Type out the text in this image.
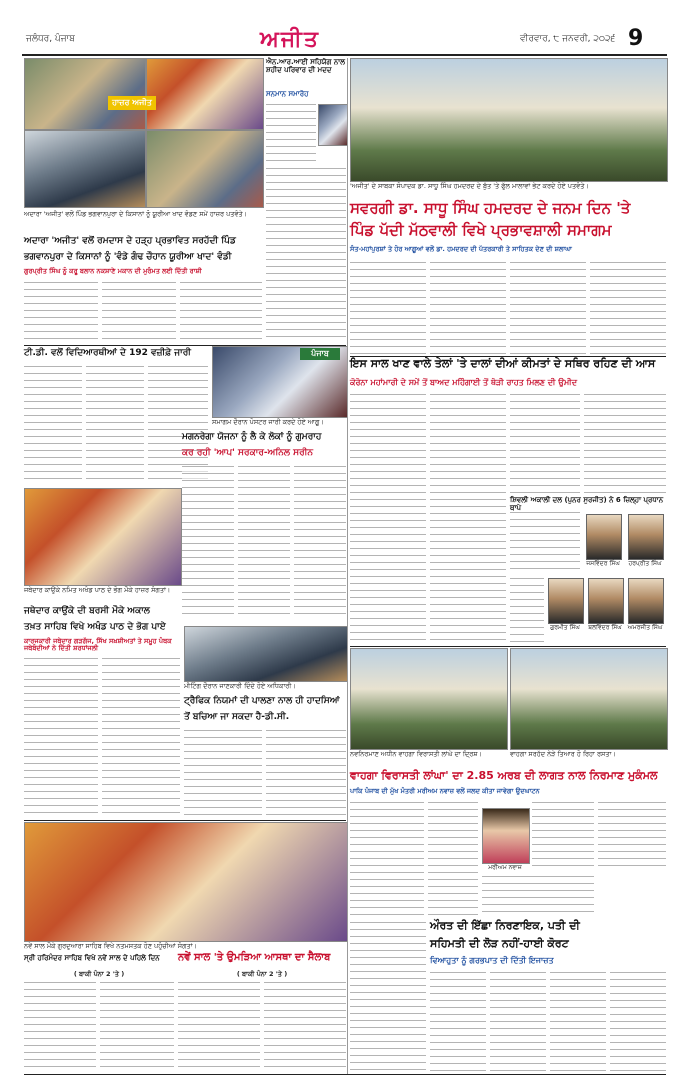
ਜਲੰਧਰ, ਪੰਜਾਬ	ਅਜੀਤ	ਵੀਰਵਾਰ, ੮ ਜਨਵਰੀ, ੨੦੨੬ 9
ਹਾਜ਼ਰ ਅਜੀਤ
ਅਦਾਰਾ 'ਅਜੀਤ' ਵਲੋਂ ਪਿੰਡ ਭਗਵਾਨਪੁਰਾ ਦੇ ਕਿਸਾਨਾਂ ਨੂੰ ਯੂਰੀਆ ਖਾਦ ਵੰਡਣ ਸਮੇਂ ਹਾਜ਼ਰ ਪਤਵੰਤੇ।
ਐਨ.ਆਰ.ਆਈ ਸਹਿਯੋਗ ਨਾਲ ਸ਼ਹੀਦ ਪਰਿਵਾਰ ਦੀ ਮਦਦ
ਸਨਮਾਨ ਸਮਾਰੋਹ
'ਅਜੀਤ' ਦੇ ਸਾਬਕਾ ਸੰਪਾਦਕ ਡਾ. ਸਾਧੂ ਸਿੰਘ ਹਮਦਰਦ ਦੇ ਬੁੱਤ 'ਤੇ ਫੁੱਲ ਮਾਲਾਵਾਂ ਭੇਟ ਕਰਦੇ ਹੋਏ ਪਤਵੰਤੇ।
ਸਵਰਗੀ ਡਾ. ਸਾਧੂ ਸਿੰਘ ਹਮਦਰਦ ਦੇ ਜਨਮ ਦਿਨ 'ਤੇ
ਪਿੰਡ ਪੱਦੀ ਮੱਠਵਾਲੀ ਵਿਖੇ ਪ੍ਰਭਾਵਸ਼ਾਲੀ ਸਮਾਗਮ
ਸੰਤ-ਮਹਾਂਪੁਰਸ਼ਾਂ ਤੇ ਹੋਰ ਆਗੂਆਂ ਵਲੋਂ ਡਾ. ਹਮਦਰਦ ਦੀ ਪੱਤਰਕਾਰੀ ਤੇ ਸਾਹਿਤਕ ਦੇਣ ਦੀ ਸ਼ਲਾਘਾ
ਅਦਾਰਾ 'ਅਜੀਤ' ਵਲੋਂ ਰਮਦਾਸ ਦੇ ਹੜ੍ਹ ਪ੍ਰਭਾਵਿਤ ਸਰਹੱਦੀ ਪਿੰਡ
ਭਗਵਾਨਪੁਰਾ ਦੇ ਕਿਸਾਨਾਂ ਨੂੰ 'ਵੰਡੇ ਗੰਢ ਚੌਹਾਨ ਯੂਰੀਆ ਖਾਦ' ਵੰਡੀ
ਗੁਰਪ੍ਰੀਤ ਸਿੰਘ ਨੂੰ ਕਰੂ ਬਲਾਨ ਨਕਸ਼ਾਣੇ ਮਕਾਨ ਦੀ ਮੁਰੰਮਤ ਲਈ ਦਿੱਤੀ ਰਾਸ਼ੀ
ਪੰਜਾਬ
ਸਮਾਗਮ ਦੌਰਾਨ ਪੋਸਟਰ ਜਾਰੀ ਕਰਦੇ ਹੋਏ ਆਗੂ।
ਟੀ.ਡੀ. ਵਲੋਂ ਵਿਦਿਆਰਥੀਆਂ ਦੇ 192 ਵਜ਼ੀਫ਼ੇ ਜਾਰੀ
ਇਸ ਸਾਲ ਖਾਣ ਵਾਲੇ ਤੇਲਾਂ 'ਤੇ ਦਾਲਾਂ ਦੀਆਂ ਕੀਮਤਾਂ ਦੇ ਸਥਿਰ ਰਹਿਣ ਦੀ ਆਸ
ਕੋਰੋਨਾ ਮਹਾਂਮਾਰੀ ਦੇ ਸਮੇਂ ਤੋਂ ਬਾਅਦ ਮਹਿੰਗਾਈ ਤੋਂ ਥੋੜੀ ਰਾਹਤ ਮਿਲਣ ਦੀ ਉਮੀਦ
ਸ਼ਿਵਲੀ ਅਕਾਲੀ ਦਲ (ਪੁਨਰ ਸੁਰਜੀਤ) ਨੇ 6 ਜ਼ਿਲ੍ਹਾ ਪ੍ਰਧਾਨ ਥਾਪੇ
ਜਸਵਿੰਦਰ ਸਿੰਘ	ਹਰਪ੍ਰੀਤ ਸਿੰਘ
ਗੁਰਮੀਤ ਸਿੰਘ	ਬਲਵਿੰਦਰ ਸਿੰਘ ਅਮਰਜੀਤ ਸਿੰਘ
ਮਗਨਰੇਗਾ ਯੋਜਨਾ ਨੂੰ ਲੈ ਕੇ ਲੋਕਾਂ ਨੂੰ ਗੁਮਰਾਹ
ਕਰ ਰਹੀ 'ਆਪ' ਸਰਕਾਰ-ਅਨਿਲ ਸਰੀਨ
ਜਥੇਦਾਰ ਕਾਉਂਕੇ ਨਮਿਤ ਅਖੰਡ ਪਾਠ ਦੇ ਭੋਗ ਮੌਕੇ ਹਾਜ਼ਰ ਸੰਗਤਾਂ।
ਜਥੇਦਾਰ ਕਾਉਂਕੇ ਦੀ ਬਰਸੀ ਮੌਕੇ ਅਕਾਲ
ਤਖ਼ਤ ਸਾਹਿਬ ਵਿਖੇ ਅਖੰਡ ਪਾਠ ਦੇ ਭੋਗ ਪਾਏ
ਕਾਰਜਕਾਰੀ ਜਥੇਦਾਰ ਗੜਗੱਜ, ਸਿੱਖ ਸਖ਼ਸ਼ੀਅਤਾਂ ਤੇ ਸਮੂਹ ਪੰਥਕ ਜਥੇਬੰਦੀਆਂ ਨੇ ਦਿੱਤੀ ਸ਼ਰਧਾਂਜਲੀ
ਮੀਟਿੰਗ ਦੌਰਾਨ ਜਾਣਕਾਰੀ ਦਿੰਦੇ ਹੋਏ ਅਧਿਕਾਰੀ।
ਟ੍ਰੈਫਿਕ ਨਿਯਮਾਂ ਦੀ ਪਾਲਣਾ ਨਾਲ ਹੀ ਹਾਦਸਿਆਂ
ਤੋਂ ਬਚਿਆ ਜਾ ਸਕਦਾ ਹੈ-ਡੀ.ਸੀ.
ਨਵਨਿਰਮਾਣ ਅਧੀਨ ਵਾਹਗਾ ਵਿਰਾਸਤੀ ਲਾਂਘੇ ਦਾ ਦ੍ਰਿਸ਼।	ਵਾਹਗਾ ਸਰਹੱਦ ਨੇੜੇ ਤਿਆਰ ਹੋ ਰਿਹਾ ਰਸਤਾ।
ਵਾਹਗਾ ਵਿਰਾਸਤੀ ਲਾਂਘਾ' ਦਾ 2.85 ਅਰਬ ਦੀ ਲਾਗਤ ਨਾਲ ਨਿਰਮਾਣ ਮੁਕੰਮਲ
ਪਾਕਿ ਪੰਜਾਬ ਦੀ ਮੁੱਖ ਮੰਤਰੀ ਮਰੀਅਮ ਨਵਾਜ਼ ਵਲੋਂ ਜਲਦ ਕੀਤਾ ਜਾਵੇਗਾ ਉਦਘਾਟਨ
ਮਰੀਅਮ ਨਵਾਜ਼
ਔਰਤ ਦੀ ਇੱਛਾ ਨਿਰਣਾਇਕ, ਪਤੀ ਦੀ
ਸਹਿਮਤੀ ਦੀ ਲੋੜ ਨਹੀਂ-ਹਾਈ ਕੋਰਟ
ਵਿਆਹੁਤਾ ਨੂੰ ਗਰਭਪਾਤ ਦੀ ਦਿੱਤੀ ਇਜਾਜ਼ਤ
ਨਵੇਂ ਸਾਲ ਮੌਕੇ ਗੁਰਦੁਆਰਾ ਸਾਹਿਬ ਵਿਖੇ ਨਤਮਸਤਕ ਹੋਣ ਪਹੁੰਚੀਆਂ ਸੰਗਤਾਂ।
ਸ੍ਰੀ ਹਰਿਮੰਦਰ ਸਾਹਿਬ ਵਿਖੇ ਨਵੇਂ ਸਾਲ ਦੇ ਪਹਿਲੇ ਦਿਨ	ਨਵੇਂ ਸਾਲ 'ਤੇ ਉਮੜਿਆ ਆਸਥਾ ਦਾ ਸੈਲਾਬ
( ਬਾਕੀ ਪੰਨਾ 2 'ਤੇ )	( ਬਾਕੀ ਪੰਨਾ 2 'ਤੇ )
